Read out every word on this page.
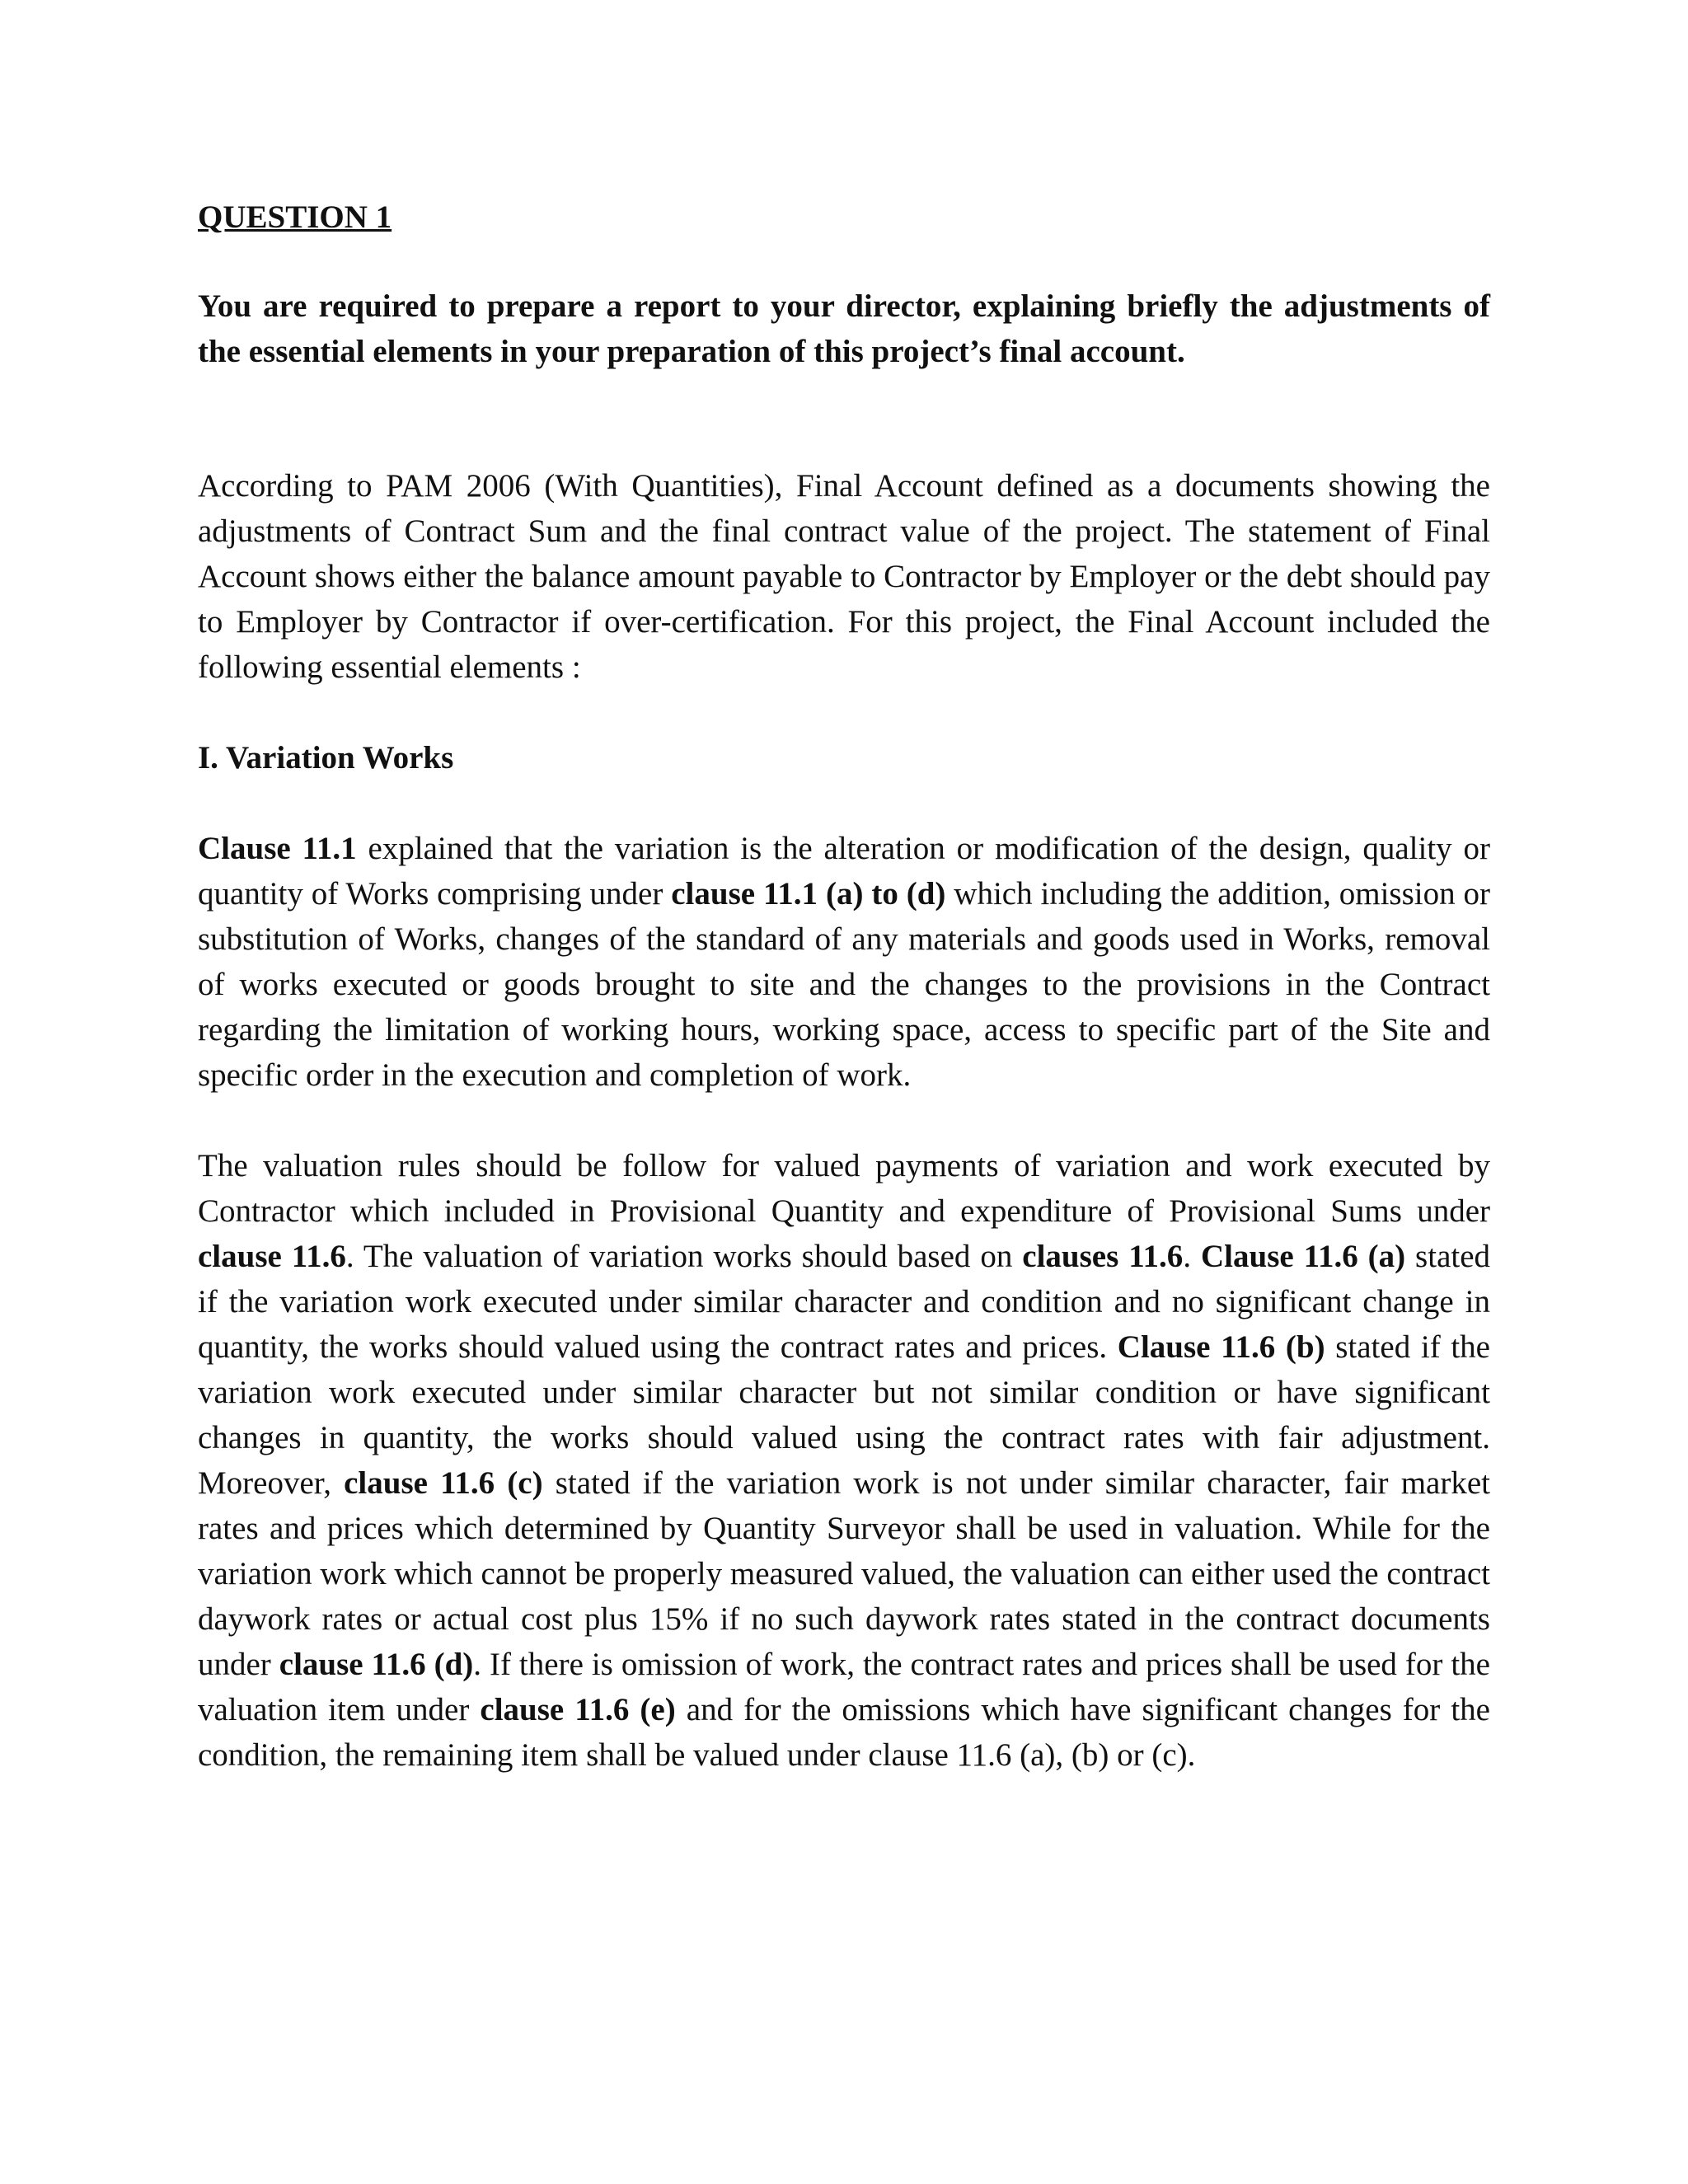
QUESTION 1

You are required to prepare a report to your director, explaining briefly the adjustments of the essential elements in your preparation of this project’s final account.

According to PAM 2006 (With Quantities), Final Account defined as a documents showing the adjustments of Contract Sum and the final contract value of the project. The statement of Final Account shows either the balance amount payable to Contractor by Employer or the debt should pay to Employer by Contractor if over-certification. For this project, the Final Account included the following essential elements :

I. Variation Works

Clause 11.1 explained that the variation is the alteration or modification of the design, quality or quantity of Works comprising under clause 11.1 (a) to (d) which including the addition, omission or substitution of Works, changes of the standard of any materials and goods used in Works, removal of works executed or goods brought to site and the changes to the provisions in the Contract regarding the limitation of working hours, working space, access to specific part of the Site and specific order in the execution and completion of work.

The valuation rules should be follow for valued payments of variation and work executed by Contractor which included in Provisional Quantity and expenditure of Provisional Sums under clause 11.6. The valuation of variation works should based on clauses 11.6. Clause 11.6 (a) stated if the variation work executed under similar character and condition and no significant change in quantity, the works should valued using the contract rates and prices. Clause 11.6 (b) stated if the variation work executed under similar character but not similar condition or have significant changes in quantity, the works should valued using the contract rates with fair adjustment. Moreover, clause 11.6 (c) stated if the variation work is not under similar character, fair market rates and prices which determined by Quantity Surveyor shall be used in valuation. While for the variation work which cannot be properly measured valued, the valuation can either used the contract daywork rates or actual cost plus 15% if no such daywork rates stated in the contract documents under clause 11.6 (d). If there is omission of work, the contract rates and prices shall be used for the valuation item under clause 11.6 (e) and for the omissions which have significant changes for the condition, the remaining item shall be valued under clause 11.6 (a), (b) or (c).
